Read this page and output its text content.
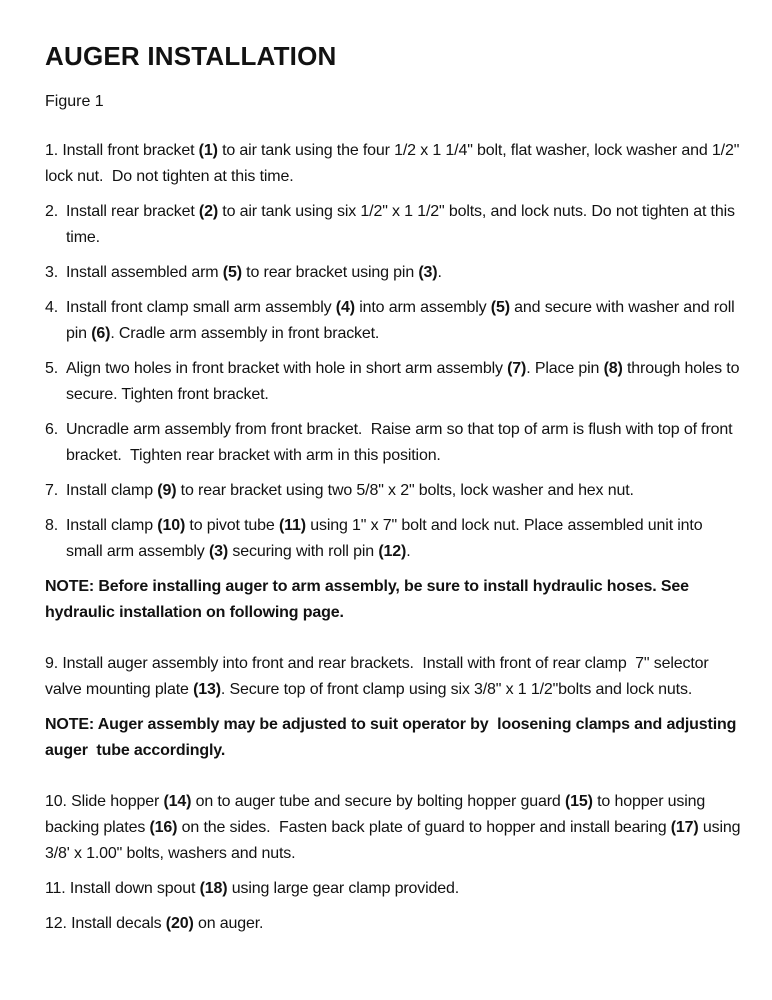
AUGER INSTALLATION
Figure 1

1. Install front bracket (1) to air tank using the four 1/2 x 1 1/4" bolt, flat washer, lock washer and 1/2" lock nut.  Do not tighten at this time.

2. Install rear bracket (2) to air tank using six 1/2" x 1 1/2" bolts, and lock nuts. Do not tighten at this time.

3. Install assembled arm (5) to rear bracket using pin (3).

4. Install front clamp small arm assembly (4) into arm assembly (5) and secure with washer and roll pin (6). Cradle arm assembly in front bracket.

5. Align two holes in front bracket with hole in short arm assembly (7). Place pin (8) through holes to secure. Tighten front bracket.

6. Uncradle arm assembly from front bracket.  Raise arm so that top of arm is flush with top of front bracket.  Tighten rear bracket with arm in this position.

7. Install clamp (9) to rear bracket using two 5/8" x 2" bolts, lock washer and hex nut.

8. Install clamp (10) to pivot tube (11) using 1" x 7" bolt and lock nut. Place assembled unit into small arm assembly (3) securing with roll pin (12).

NOTE: Before installing auger to arm assembly, be sure to install hydraulic hoses. See hydraulic installation on following page.

9. Install auger assembly into front and rear brackets.  Install with front of rear clamp  7" selector valve mounting plate (13). Secure top of front clamp using six 3/8" x 1 1/2"bolts and lock nuts.

NOTE: Auger assembly may be adjusted to suit operator by  loosening clamps and adjusting auger  tube accordingly.

10. Slide hopper (14) on to auger tube and secure by bolting hopper guard (15) to hopper using backing plates (16) on the sides.  Fasten back plate of guard to hopper and install bearing (17) using 3/8' x 1.00" bolts, washers and nuts.

11. Install down spout (18) using large gear clamp provided.

12. Install decals (20) on auger.
